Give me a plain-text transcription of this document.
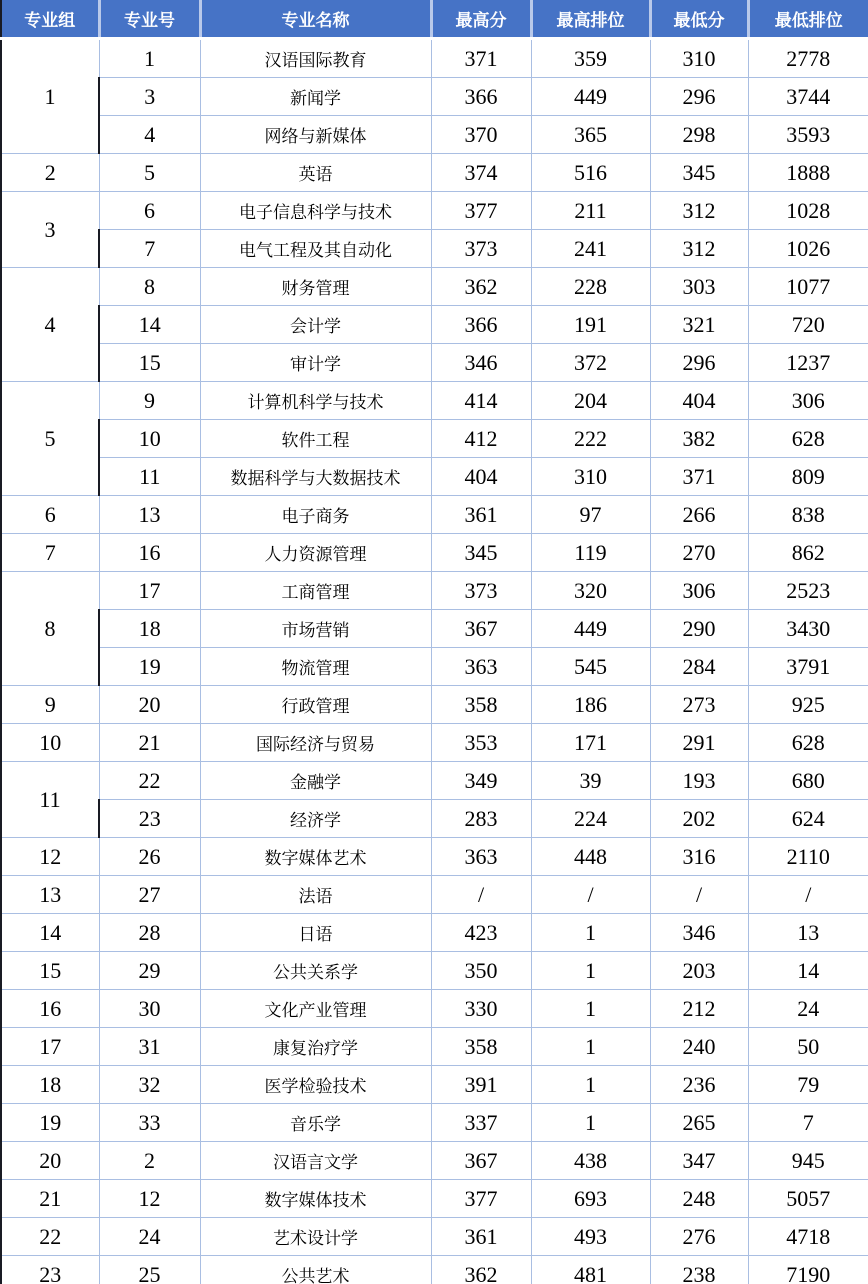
专业组	专业号	专业名称	最高分	最高排位	最低分	最低排位
1	1	汉语国际教育	371	359	310	2778
	3	新闻学	366	449	296	3744
	4	网络与新媒体	370	365	298	3593
2	5	英语	374	516	345	1888
3	6	电子信息科学与技术	377	211	312	1028
	7	电气工程及其自动化	373	241	312	1026
4	8	财务管理	362	228	303	1077
	14	会计学	366	191	321	720
	15	审计学	346	372	296	1237
5	9	计算机科学与技术	414	204	404	306
	10	软件工程	412	222	382	628
	11	数据科学与大数据技术	404	310	371	809
6	13	电子商务	361	97	266	838
7	16	人力资源管理	345	119	270	862
8	17	工商管理	373	320	306	2523
	18	市场营销	367	449	290	3430
	19	物流管理	363	545	284	3791
9	20	行政管理	358	186	273	925
10	21	国际经济与贸易	353	171	291	628
11	22	金融学	349	39	193	680
	23	经济学	283	224	202	624
12	26	数字媒体艺术	363	448	316	2110
13	27	法语	/	/	/	/
14	28	日语	423	1	346	13
15	29	公共关系学	350	1	203	14
16	30	文化产业管理	330	1	212	24
17	31	康复治疗学	358	1	240	50
18	32	医学检验技术	391	1	236	79
19	33	音乐学	337	1	265	7
20	2	汉语言文学	367	438	347	945
21	12	数字媒体技术	377	693	248	5057
22	24	艺术设计学	361	493	276	4718
23	25	公共艺术	362	481	238	7190
